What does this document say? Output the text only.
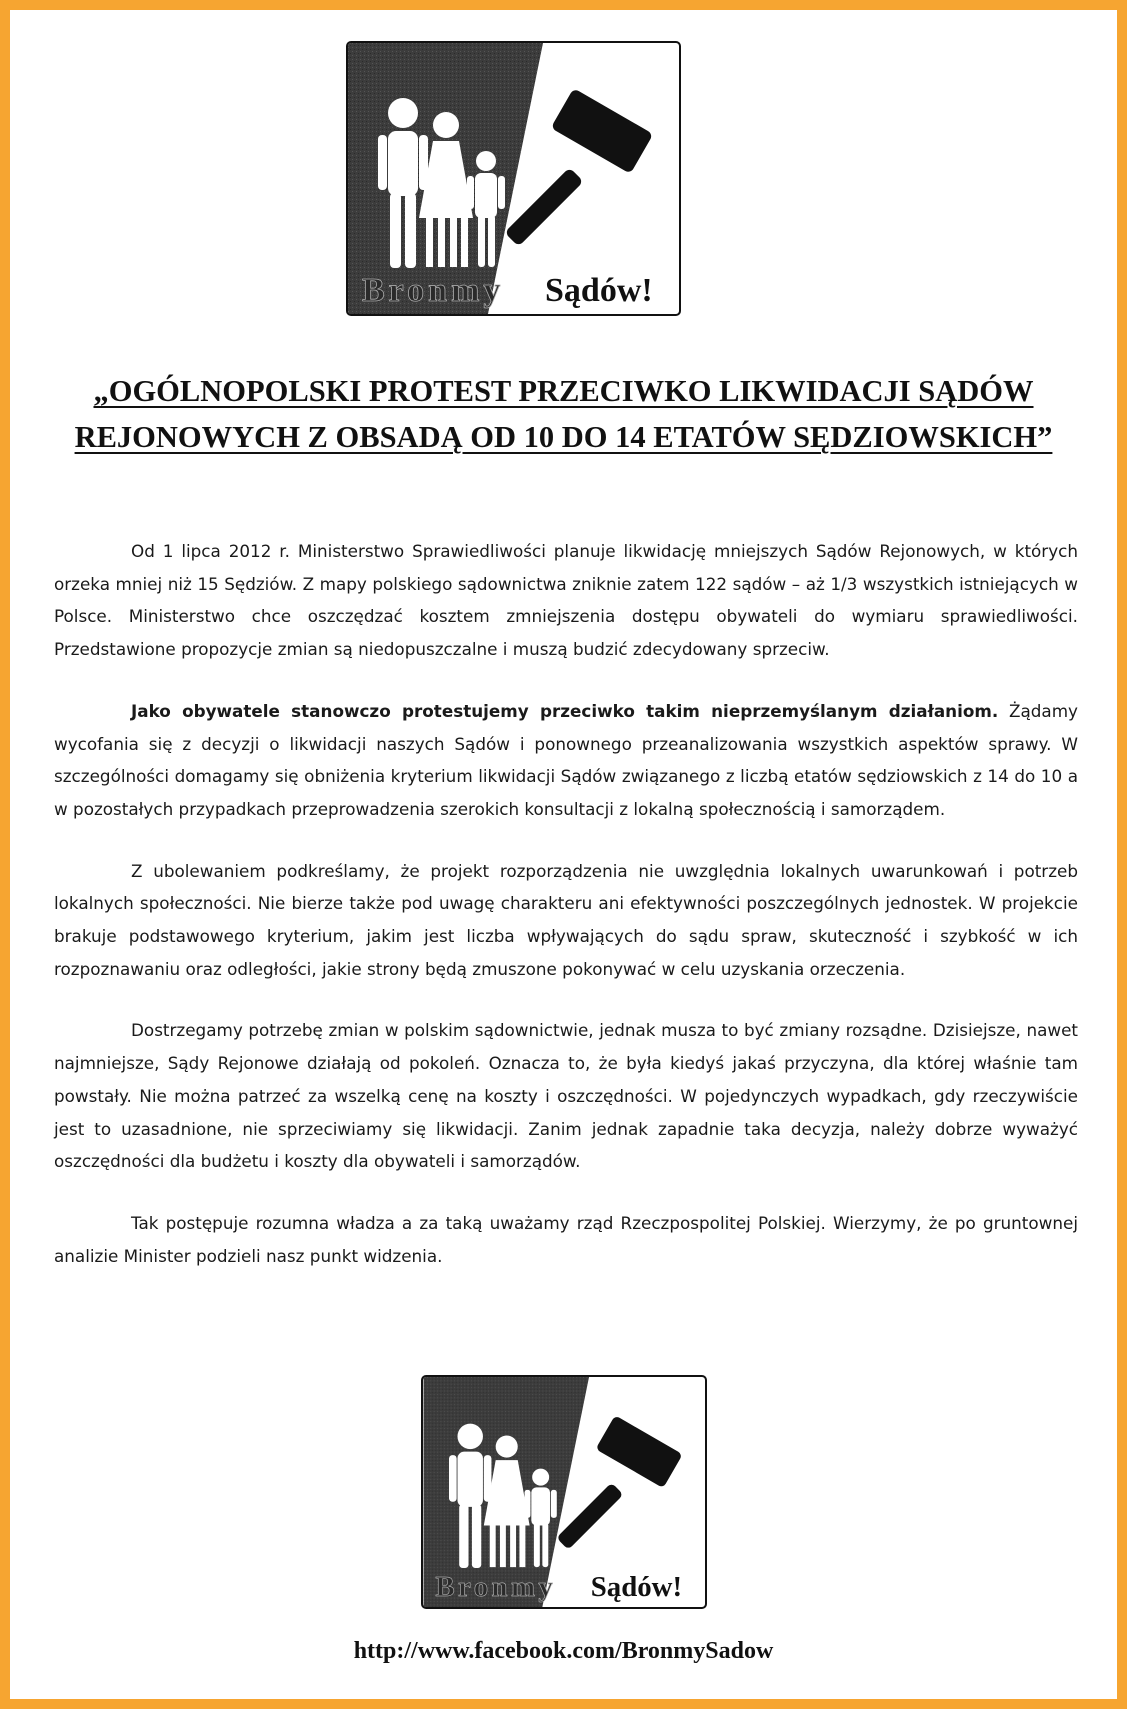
Bronmy Sądów!
„OGÓLNOPOLSKI PROTEST PRZECIWKO LIKWIDACJI SĄDÓW
REJONOWYCH Z OBSADĄ OD 10 DO 14 ETATÓW SĘDZIOWSKICH”

Od 1 lipca 2012 r. Ministerstwo Sprawiedliwości planuje likwidację mniejszych Sądów Rejonowych, w których orzeka mniej niż 15 Sędziów. Z mapy polskiego sądownictwa zniknie zatem 122 sądów – aż 1/3 wszystkich istniejących w Polsce. Ministerstwo chce oszczędzać kosztem zmniejszenia dostępu obywateli do wymiaru sprawiedliwości. Przedstawione propozycje zmian są niedopuszczalne i muszą budzić zdecydowany sprzeciw.

Jako obywatele stanowczo protestujemy przeciwko takim nieprzemyślanym działaniom. Żądamy wycofania się z decyzji o likwidacji naszych Sądów i ponownego przeanalizowania wszystkich aspektów sprawy. W szczególności domagamy się obniżenia kryterium likwidacji Sądów związanego z liczbą etatów sędziowskich z 14 do 10 a w pozostałych przypadkach przeprowadzenia szerokich konsultacji z lokalną społecznością i samorządem.

Z ubolewaniem podkreślamy, że projekt rozporządzenia nie uwzględnia lokalnych uwarunkowań i potrzeb lokalnych społeczności. Nie bierze także pod uwagę charakteru ani efektywności poszczególnych jednostek. W projekcie brakuje podstawowego kryterium, jakim jest liczba wpływających do sądu spraw, skuteczność i szybkość w ich rozpoznawaniu oraz odległości, jakie strony będą zmuszone pokonywać w celu uzyskania orzeczenia.

Dostrzegamy potrzebę zmian w polskim sądownictwie, jednak musza to być zmiany rozsądne. Dzisiejsze, nawet najmniejsze, Sądy Rejonowe działają od pokoleń. Oznacza to, że była kiedyś jakaś przyczyna, dla której właśnie tam powstały. Nie można patrzeć za wszelką cenę na koszty i oszczędności. W pojedynczych wypadkach, gdy rzeczywiście jest to uzasadnione, nie sprzeciwiamy się likwidacji. Zanim jednak zapadnie taka decyzja, należy dobrze wyważyć oszczędności dla budżetu i koszty dla obywateli i samorządów.

Tak postępuje rozumna władza a za taką uważamy rząd Rzeczpospolitej Polskiej. Wierzymy, że po gruntownej analizie Minister podzieli nasz punkt widzenia.

Bronmy Sądów!
http://www.facebook.com/BronmySadow
